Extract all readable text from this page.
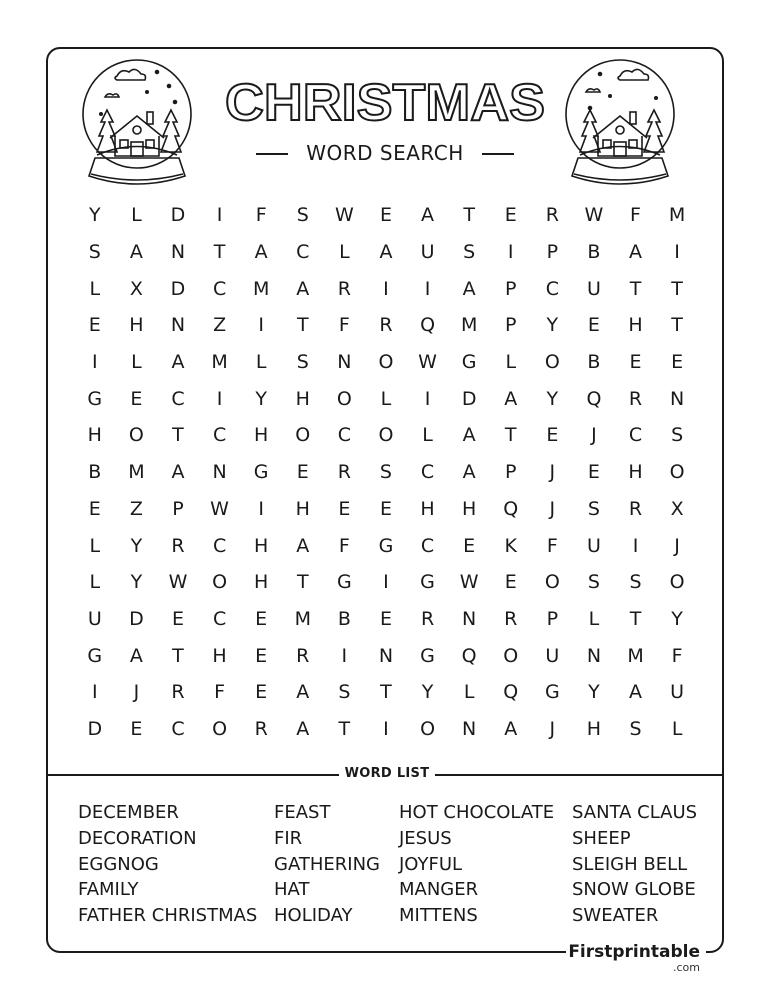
CHRISTMAS
WORD SEARCH
Y	L	D	I	F	S	W	E	A	T	E	R	W	F	M
S	A	N	T	A	C	L	A	U	S	I	P	B	A	I
L	X	D	C	M	A	R	I	I	A	P	C	U	T	T
E	H	N	Z	I	T	F	R	Q	M	P	Y	E	H	T
I	L	A	M	L	S	N	O	W	G	L	O	B	E	E
G	E	C	I	Y	H	O	L	I	D	A	Y	Q	R	N
H	O	T	C	H	O	C	O	L	A	T	E	J	C	S
B	M	A	N	G	E	R	S	C	A	P	J	E	H	O
E	Z	P	W	I	H	E	E	H	H	Q	J	S	R	X
L	Y	R	C	H	A	F	G	C	E	K	F	U	I	J
L	Y	W	O	H	T	G	I	G	W	E	O	S	S	O
U	D	E	C	E	M	B	E	R	N	R	P	L	T	Y
G	A	T	H	E	R	I	N	G	Q	O	U	N	M	F
I	J	R	F	E	A	S	T	Y	L	Q	G	Y	A	U
D	E	C	O	R	A	T	I	O	N	A	J	H	S	L
WORD LIST
DECEMBER
DECORATION
EGGNOG
FAMILY
FATHER CHRISTMAS
FEAST
FIR
GATHERING
HAT
HOLIDAY
HOT CHOCOLATE
JESUS
JOYFUL
MANGER
MITTENS
SANTA CLAUS
SHEEP
SLEIGH BELL
SNOW GLOBE
SWEATER
Firstprintable
.com
